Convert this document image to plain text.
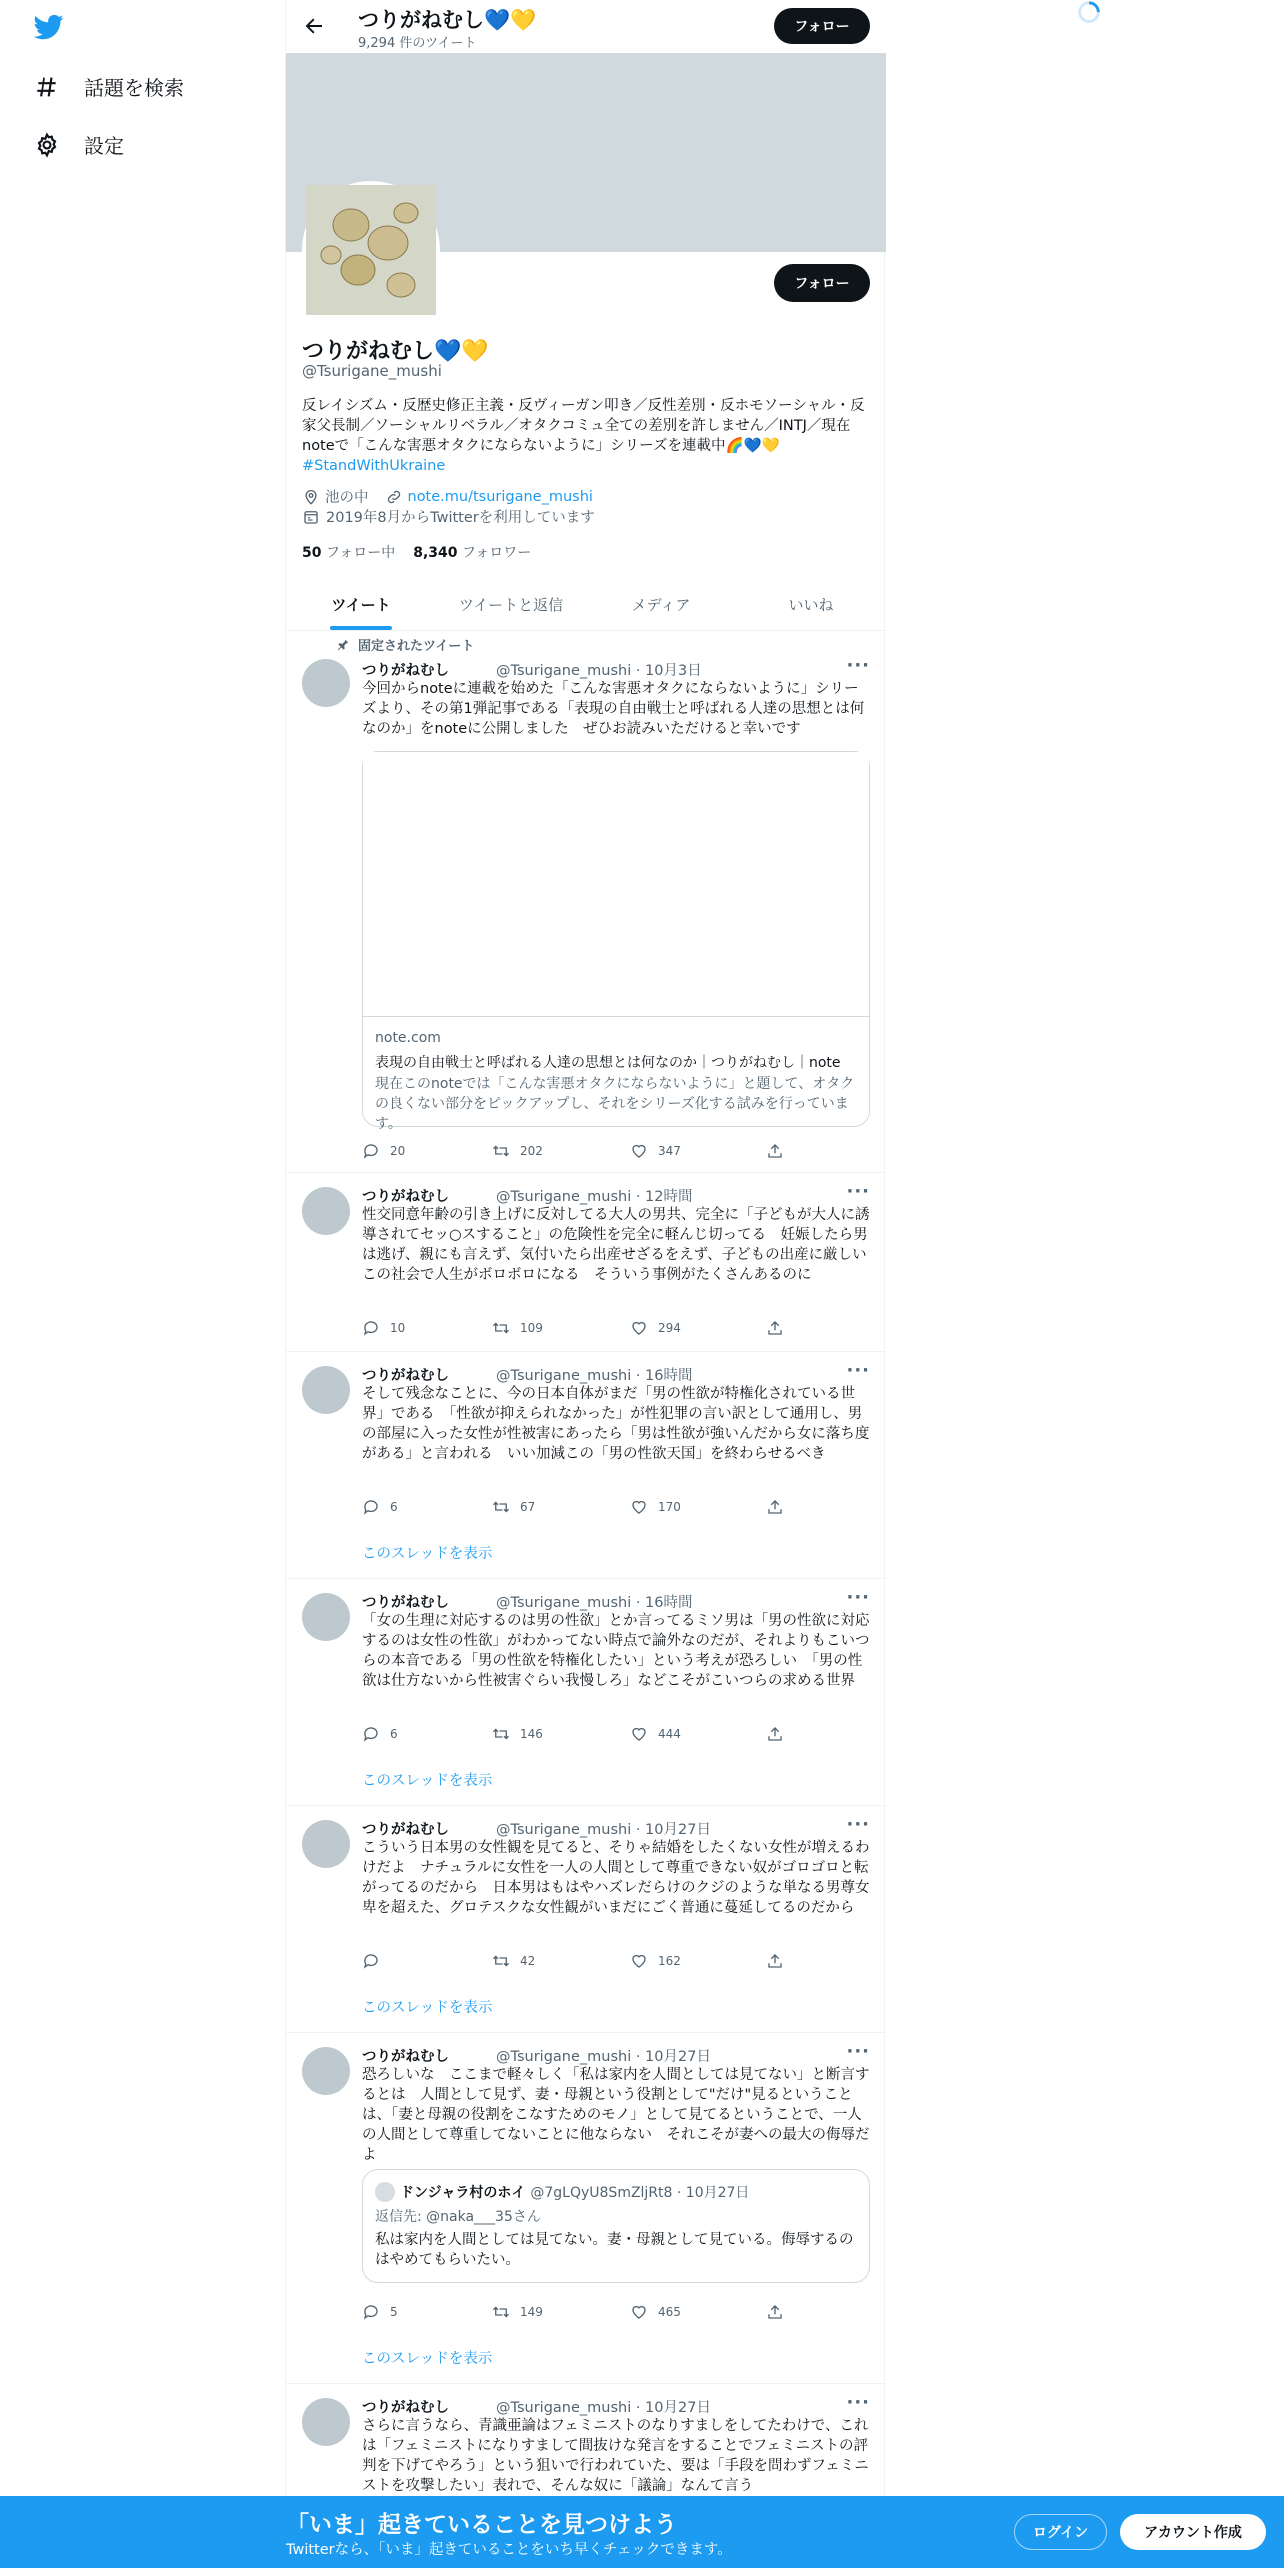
話題を検索
設定
つりがねむし💙💛
9,294 件のツイート
フォロー
フォロー
つりがねむし💙💛
@Tsurigane_mushi
反レイシズム・反歴史修正主義・反ヴィーガン叩き／反性差別・反ホモソーシャル・反家父長制／ソーシャルリベラル／オタクコミュ全ての差別を許しません／INTJ／現在noteで「こんな害悪オタクにならないように」シリーズを連載中🌈💙💛 #StandWithUkraine
池の中	note.mu/tsurigane_mushi
2019年8月からTwitterを利用しています
50 フォロー中 8,340 フォロワー
ツイート	ツイートと返信	メディア	いいね
固定されたツイート
つりがねむし	@Tsurigane_mushi · 10月3日	···
今回からnoteに連載を始めた「こんな害悪オタクにならないように」シリーズより、その第1弾記事である「表現の自由戦士と呼ばれる人達の思想とは何なのか」をnoteに公開しました　ぜひお読みいただけると幸いです
note.com
表現の自由戦士と呼ばれる人達の思想とは何なのか｜つりがねむし｜note
現在このnoteでは「こんな害悪オタクにならないように」と題して、オタクの良くない部分をピックアップし、それをシリーズ化する試みを行っています。
20	202	347
つりがねむし	@Tsurigane_mushi · 12時間	···
性交同意年齢の引き上げに反対してる大人の男共、完全に「子どもが大人に誘導されてセッ○スすること」の危険性を完全に軽んじ切ってる　妊娠したら男は逃げ、親にも言えず、気付いたら出産せざるをえず、子どもの出産に厳しいこの社会で人生がボロボロになる　そういう事例がたくさんあるのに
10	109	294
つりがねむし	@Tsurigane_mushi · 16時間	···
そして残念なことに、今の日本自体がまだ「男の性欲が特権化されている世界」である　「性欲が抑えられなかった」が性犯罪の言い訳として通用し、男の部屋に入った女性が性被害にあったら「男は性欲が強いんだから女に落ち度がある」と言われる　いい加減この「男の性欲天国」を終わらせるべき
6	67	170
このスレッドを表示
つりがねむし	@Tsurigane_mushi · 16時間	···
「女の生理に対応するのは男の性欲」とか言ってるミソ男は「男の性欲に対応するのは女性の性欲」がわかってない時点で論外なのだが、それよりもこいつらの本音である「男の性欲を特権化したい」という考えが恐ろしい　「男の性欲は仕方ないから性被害ぐらい我慢しろ」などこそがこいつらの求める世界
6	146	444
このスレッドを表示
つりがねむし	@Tsurigane_mushi · 10月27日	···
こういう日本男の女性観を見てると、そりゃ結婚をしたくない女性が増えるわけだよ　ナチュラルに女性を一人の人間として尊重できない奴がゴロゴロと転がってるのだから　日本男はもはやハズレだらけのクジのような単なる男尊女卑を超えた、グロテスクな女性観がいまだにごく普通に蔓延してるのだから
42	162
このスレッドを表示
つりがねむし	@Tsurigane_mushi · 10月27日	···
恐ろしいな　ここまで軽々しく「私は家内を人間としては見てない」と断言するとは　人間として見ず、妻・母親という役割として"だけ"見るということは、「妻と母親の役割をこなすためのモノ」として見てるということで、一人の人間として尊重してないことに他ならない　それこそが妻への最大の侮辱だよ
ドンジャラ村のホイ @7gLQyU8SmZljRt8 · 10月27日
返信先: @naka___35さん
私は家内を人間としては見てない。妻・母親として見ている。侮辱するのはやめてもらいたい。
5	149	465
このスレッドを表示
つりがねむし	@Tsurigane_mushi · 10月27日	···
さらに言うなら、青識亜論はフェミニストのなりすましをしてたわけで、これは「フェミニストになりすまして間抜けな発言をすることでフェミニストの評判を下げてやろう」という狙いで行われていた、要は「手段を問わずフェミニストを攻撃したい」表れで、そんな奴に「議論」なんて言う
「いま」起きていることを見つけよう
Twitterなら、「いま」起きていることをいち早くチェックできます。
ログイン	アカウント作成
